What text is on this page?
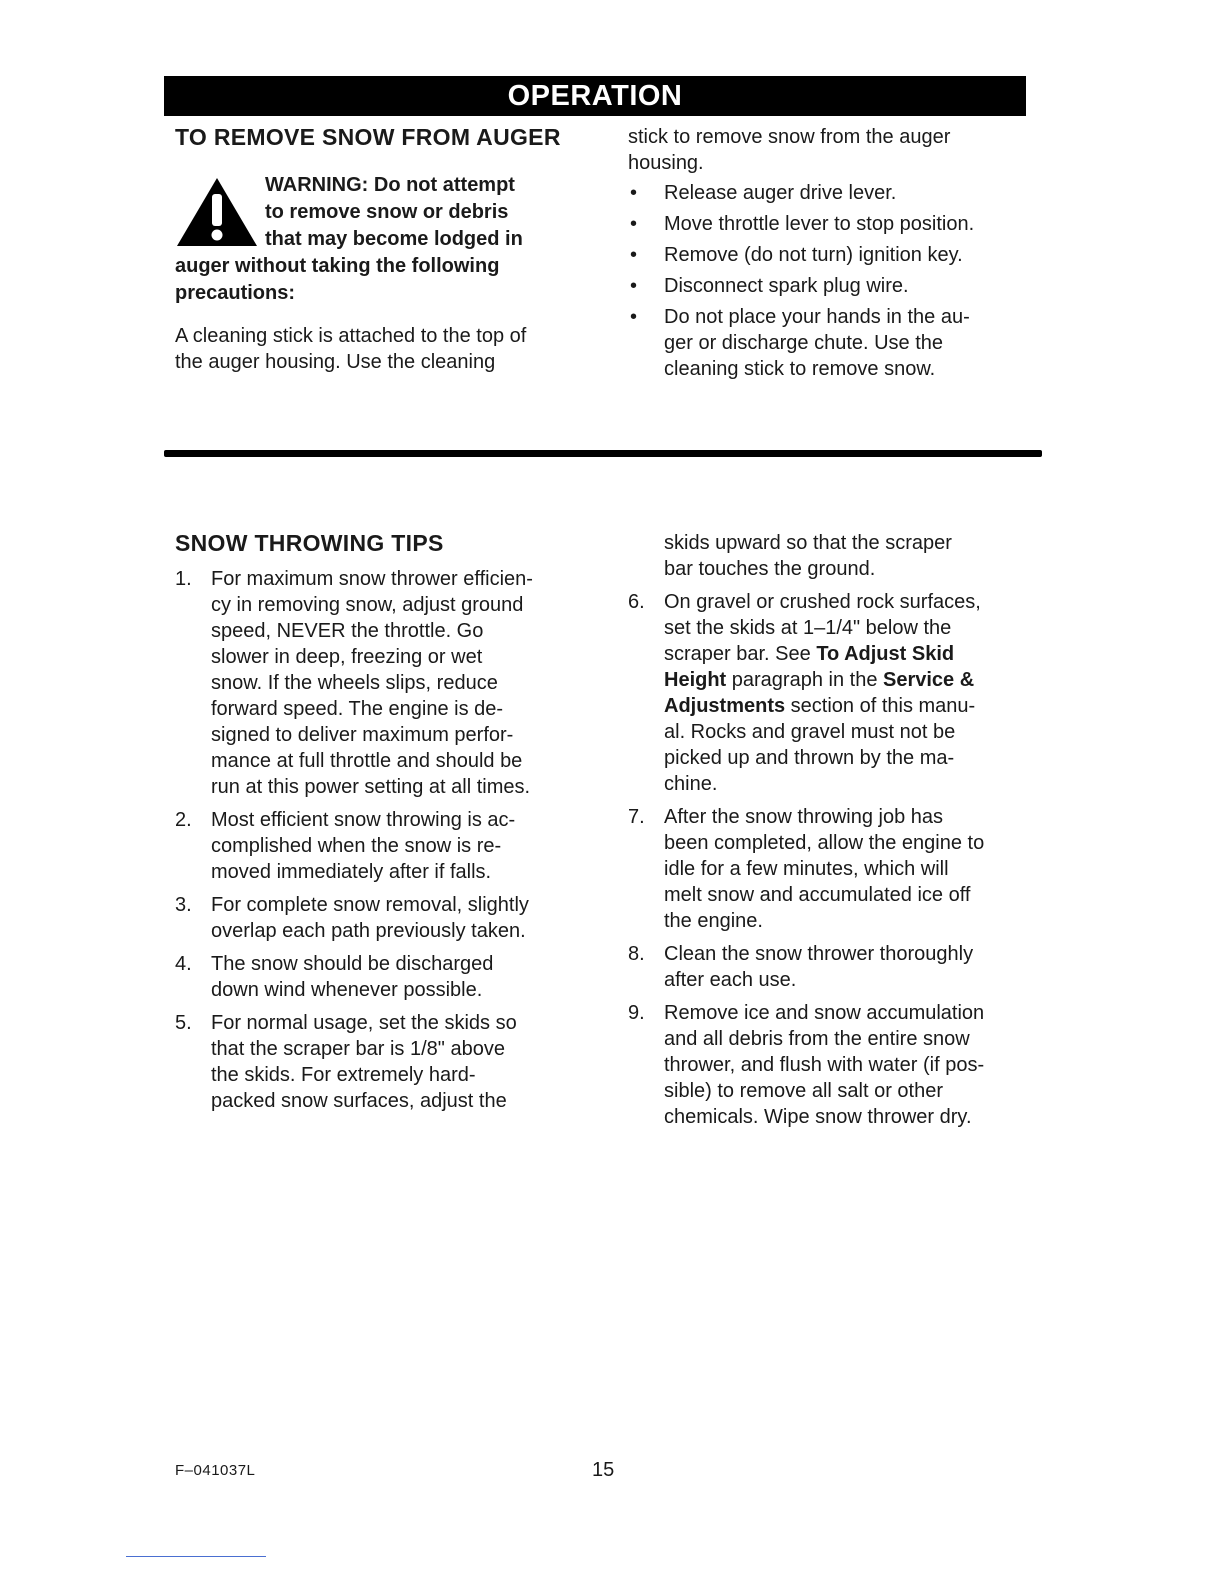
OPERATION
TO REMOVE SNOW FROM AUGER

WARNING: Do not attempt
to remove snow or debris
that may become lodged in
auger without taking the following
precautions:

A cleaning stick is attached to the top of
the auger housing. Use the cleaning

stick to remove snow from the auger
housing.

• Release auger drive lever.
• Move throttle lever to stop position.
• Remove (do not turn) ignition key.
• Disconnect spark plug wire.
• Do not place your hands in the au-
ger or discharge chute. Use the
cleaning stick to remove snow.
SNOW THROWING TIPS
1. For maximum snow thrower efficien-
cy in removing snow, adjust ground
speed, NEVER the throttle. Go
slower in deep, freezing or wet
snow. If the wheels slips, reduce
forward speed. The engine is de-
signed to deliver maximum perfor-
mance at full throttle and should be
run at this power setting at all times.
2. Most efficient snow throwing is ac-
complished when the snow is re-
moved immediately after if falls.
3. For complete snow removal, slightly
overlap each path previously taken.
4. The snow should be discharged
down wind whenever possible.
5. For normal usage, set the skids so
that the scraper bar is 1/8" above
the skids. For extremely hard-
packed snow surfaces, adjust the
skids upward so that the scraper
bar touches the ground.
6. On gravel or crushed rock surfaces,
set the skids at 1–1/4" below the
scraper bar. See To Adjust Skid
Height paragraph in the Service &
Adjustments section of this manu-
al. Rocks and gravel must not be
picked up and thrown by the ma-
chine.
7. After the snow throwing job has
been completed, allow the engine to
idle for a few minutes, which will
melt snow and accumulated ice off
the engine.
8. Clean the snow thrower thoroughly
after each use.
9. Remove ice and snow accumulation
and all debris from the entire snow
thrower, and flush with water (if pos-
sible) to remove all salt or other
chemicals. Wipe snow thrower dry.
F–041037L	15
